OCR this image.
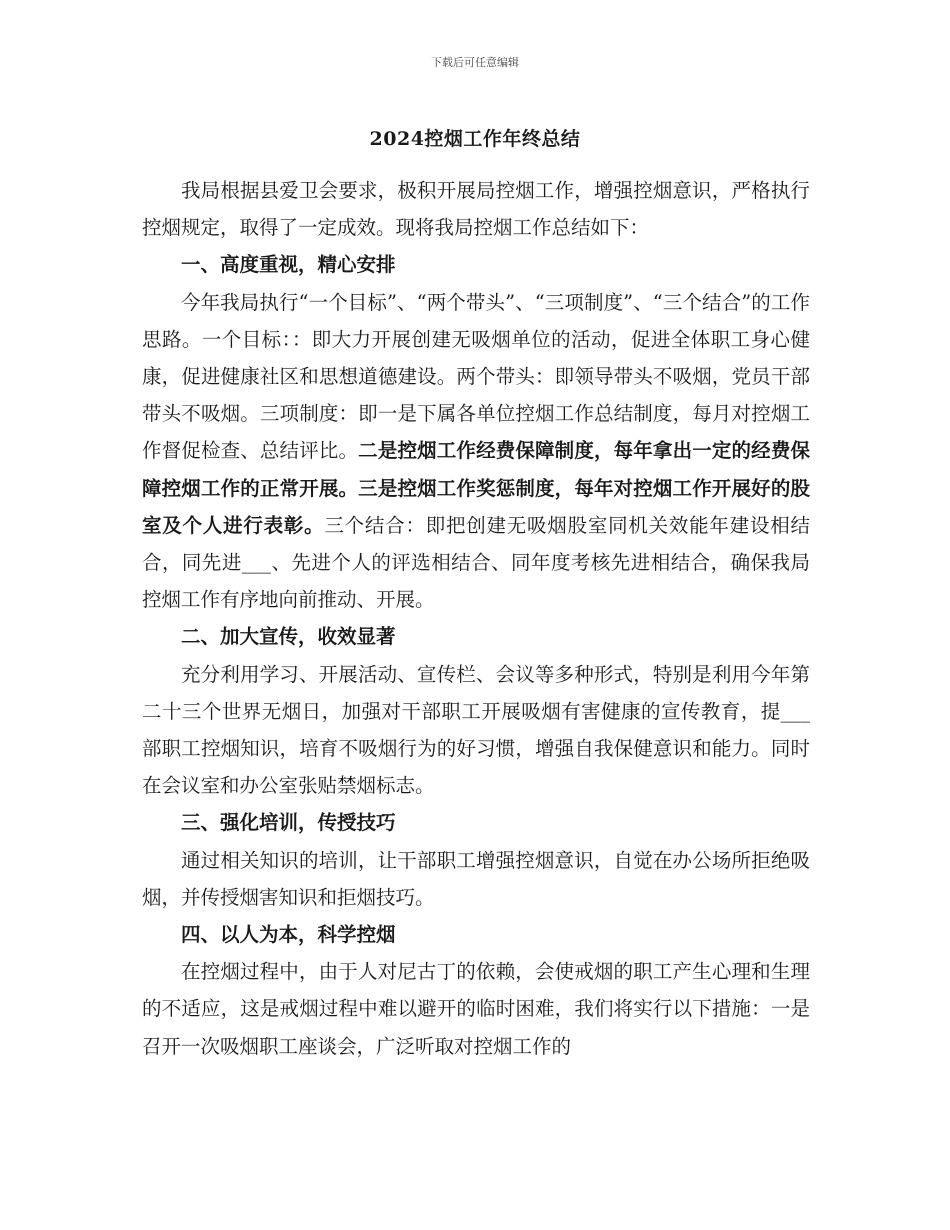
下载后可任意编辑
2024控烟工作年终总结

我局根据县爱卫会要求，极积开展局控烟工作，增强控烟意识，严格执行控烟规定，取得了一定成效。现将我局控烟工作总结如下：

一、高度重视，精心安排

今年我局执行“一个目标”、“两个带头”、“三项制度”、“三个结合”的工作思路。一个目标：：即大力开展创建无吸烟单位的活动，促进全体职工身心健康，促进健康社区和思想道德建设。两个带头：即领导带头不吸烟，党员干部带头不吸烟。三项制度：即一是下属各单位控烟工作总结制度，每月对控烟工作督促检查、总结评比。二是控烟工作经费保障制度，每年拿出一定的经费保障控烟工作的正常开展。三是控烟工作奖惩制度，每年对控烟工作开展好的股室及个人进行表彰。三个结合：即把创建无吸烟股室同机关效能年建设相结合，同先进___、先进个人的评选相结合、同年度考核先进相结合，确保我局控烟工作有序地向前推动、开展。

二、加大宣传，收效显著

充分利用学习、开展活动、宣传栏、会议等多种形式，特别是利用今年第二十三个世界无烟日，加强对干部职工开展吸烟有害健康的宣传教育，提___部职工控烟知识，培育不吸烟行为的好习惯，增强自我保健意识和能力。同时在会议室和办公室张贴禁烟标志。

三、强化培训，传授技巧

通过相关知识的培训，让干部职工增强控烟意识，自觉在办公场所拒绝吸烟，并传授烟害知识和拒烟技巧。

四、以人为本，科学控烟

在控烟过程中，由于人对尼古丁的依赖，会使戒烟的职工产生心理和生理的不适应，这是戒烟过程中难以避开的临时困难，我们将实行以下措施：一是召开一次吸烟职工座谈会，广泛听取对控烟工作的
